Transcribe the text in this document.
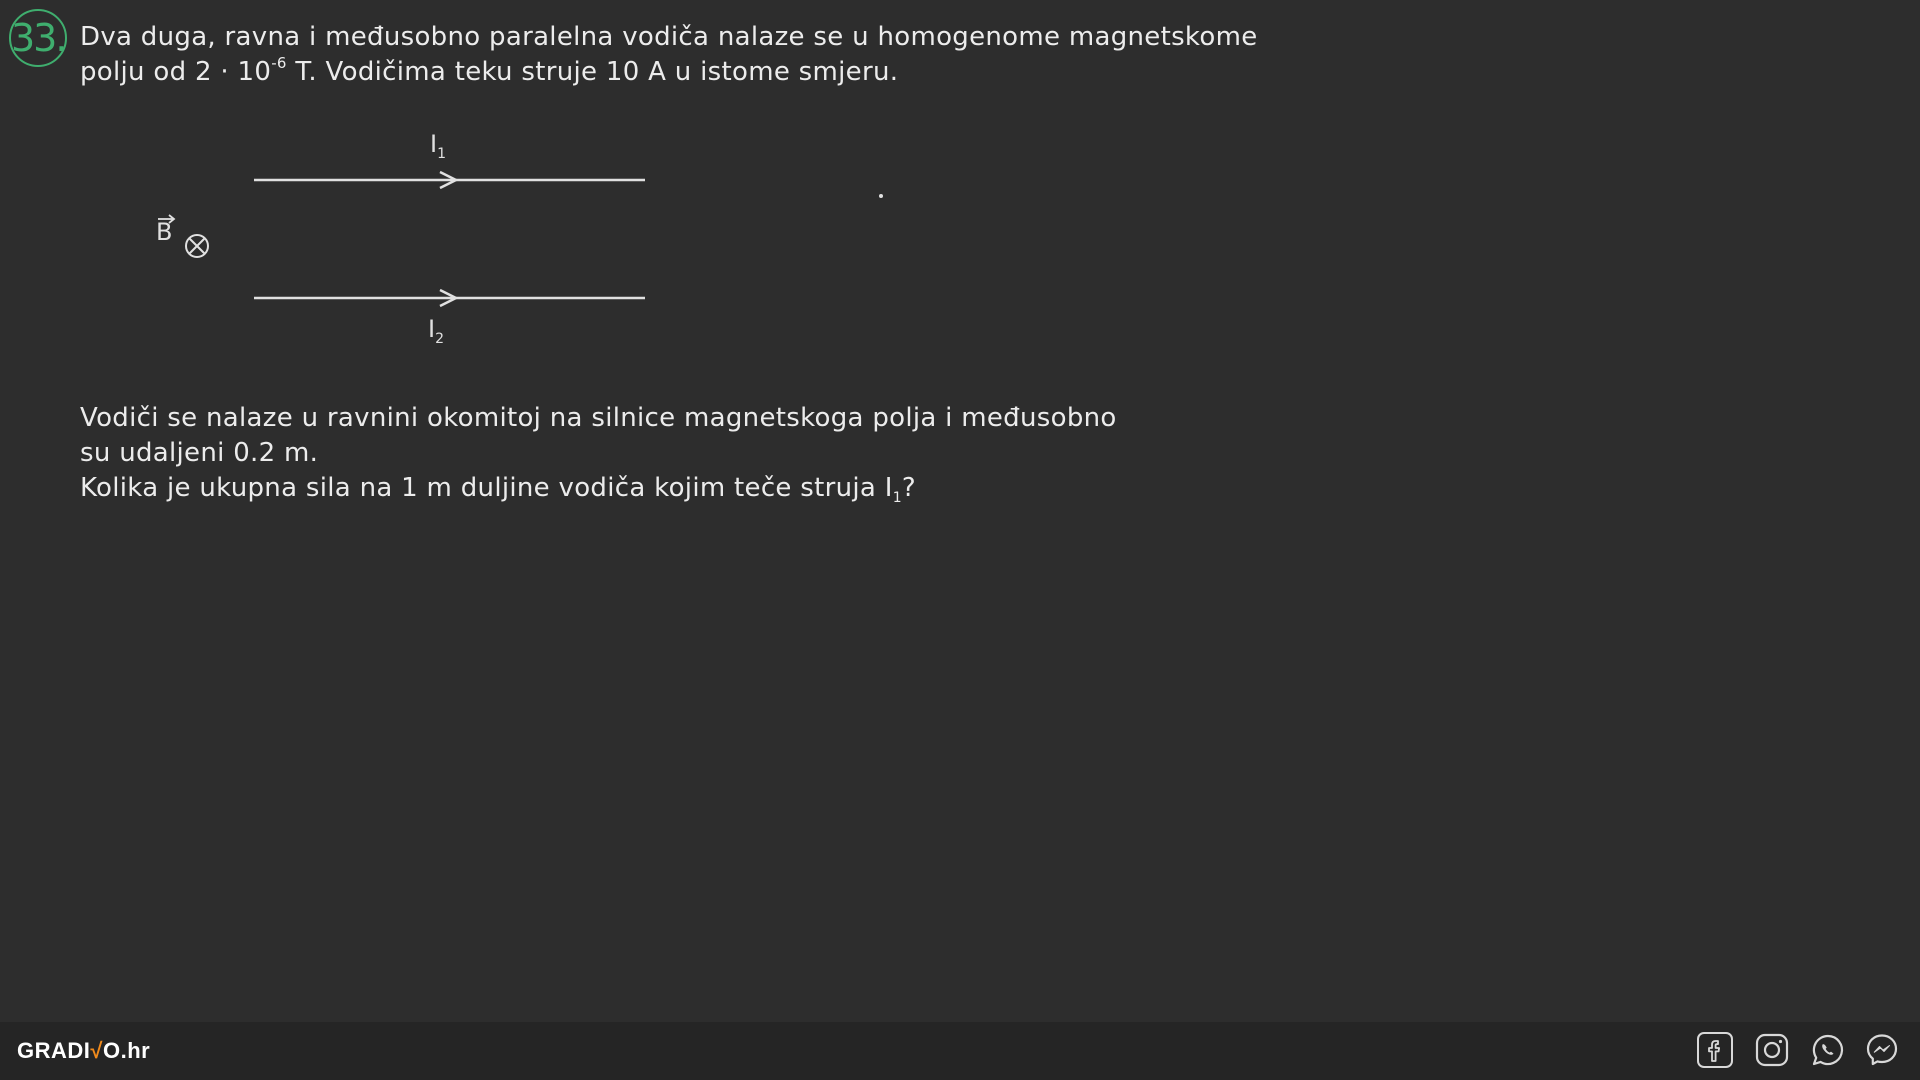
33. Dva duga, ravna i međusobno paralelna vodiča nalaze se u homogenome magnetskome
polju od $2 \cdot 10^{-6}$ T. Vodičima teku struje 10 A u istome smjeru.
$I_1$
$I_2$
B
Vodiči se nalaze u ravnini okomitoj na silnice magnetskoga polja i međusobno
su udaljeni 0.2 m.
Kolika je ukupna sila na 1 m duljine vodiča kojim teče struja $I_1$?
GRADI√O.hr
